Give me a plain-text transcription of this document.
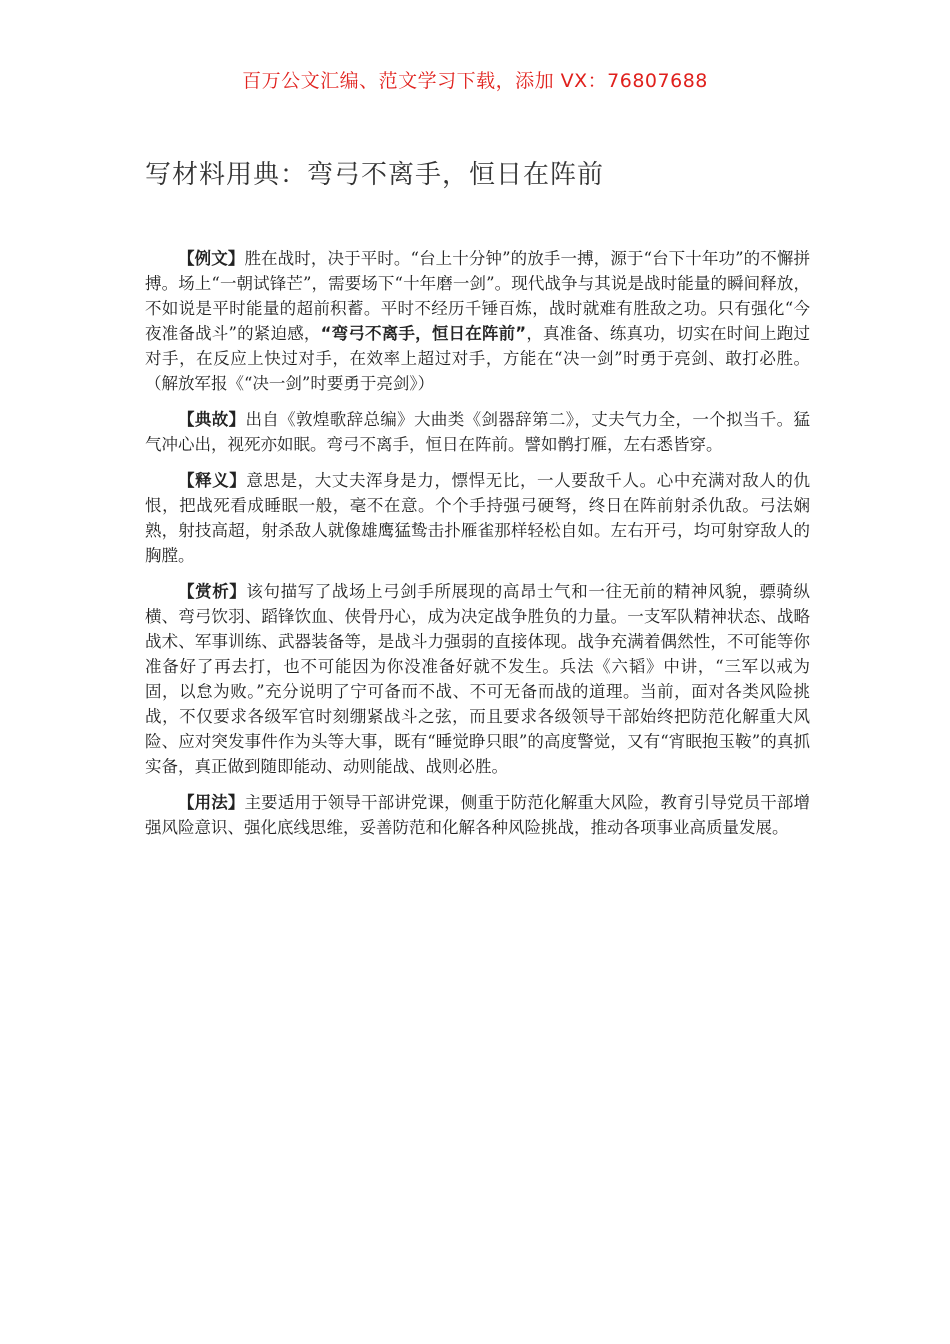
百万公文汇编、范文学习下载，添加 VX：76807688
写材料用典：弯弓不离手，恒日在阵前

【例文】胜在战时，决于平时。“台上十分钟”的放手一搏，源于“台下十年功”的不懈拼搏。场上“一朝试锋芒”，需要场下“十年磨一剑”。现代战争与其说是战时能量的瞬间释放，不如说是平时能量的超前积蓄。平时不经历千锤百炼，战时就难有胜敌之功。只有强化“今夜准备战斗”的紧迫感，“弯弓不离手，恒日在阵前”，真准备、练真功，切实在时间上跑过对手，在反应上快过对手，在效率上超过对手，方能在“决一剑”时勇于亮剑、敢打必胜。（解放军报《“决一剑”时要勇于亮剑》）

【典故】出自《敦煌歌辞总编》大曲类《剑器辞第二》，丈夫气力全，一个拟当千。猛气冲心出，视死亦如眠。弯弓不离手，恒日在阵前。譬如鹘打雁，左右悉皆穿。

【释义】意思是，大丈夫浑身是力，慓悍无比，一人要敌千人。心中充满对敌人的仇恨，把战死看成睡眠一般，毫不在意。个个手持强弓硬弩，终日在阵前射杀仇敌。弓法娴熟，射技高超，射杀敌人就像雄鹰猛鸷击扑雁雀那样轻松自如。左右开弓，均可射穿敌人的胸膛。

【赏析】该句描写了战场上弓剑手所展现的高昂士气和一往无前的精神风貌，骠骑纵横、弯弓饮羽、蹈锋饮血、侠骨丹心，成为决定战争胜负的力量。一支军队精神状态、战略战术、军事训练、武器装备等，是战斗力强弱的直接体现。战争充满着偶然性，不可能等你准备好了再去打，也不可能因为你没准备好就不发生。兵法《六韬》中讲，“三军以戒为固，以怠为败。”充分说明了宁可备而不战、不可无备而战的道理。当前，面对各类风险挑战，不仅要求各级军官时刻绷紧战斗之弦，而且要求各级领导干部始终把防范化解重大风险、应对突发事件作为头等大事，既有“睡觉睁只眼”的高度警觉，又有“宵眠抱玉鞍”的真抓实备，真正做到随即能动、动则能战、战则必胜。

【用法】主要适用于领导干部讲党课，侧重于防范化解重大风险，教育引导党员干部增强风险意识、强化底线思维，妥善防范和化解各种风险挑战，推动各项事业高质量发展。
